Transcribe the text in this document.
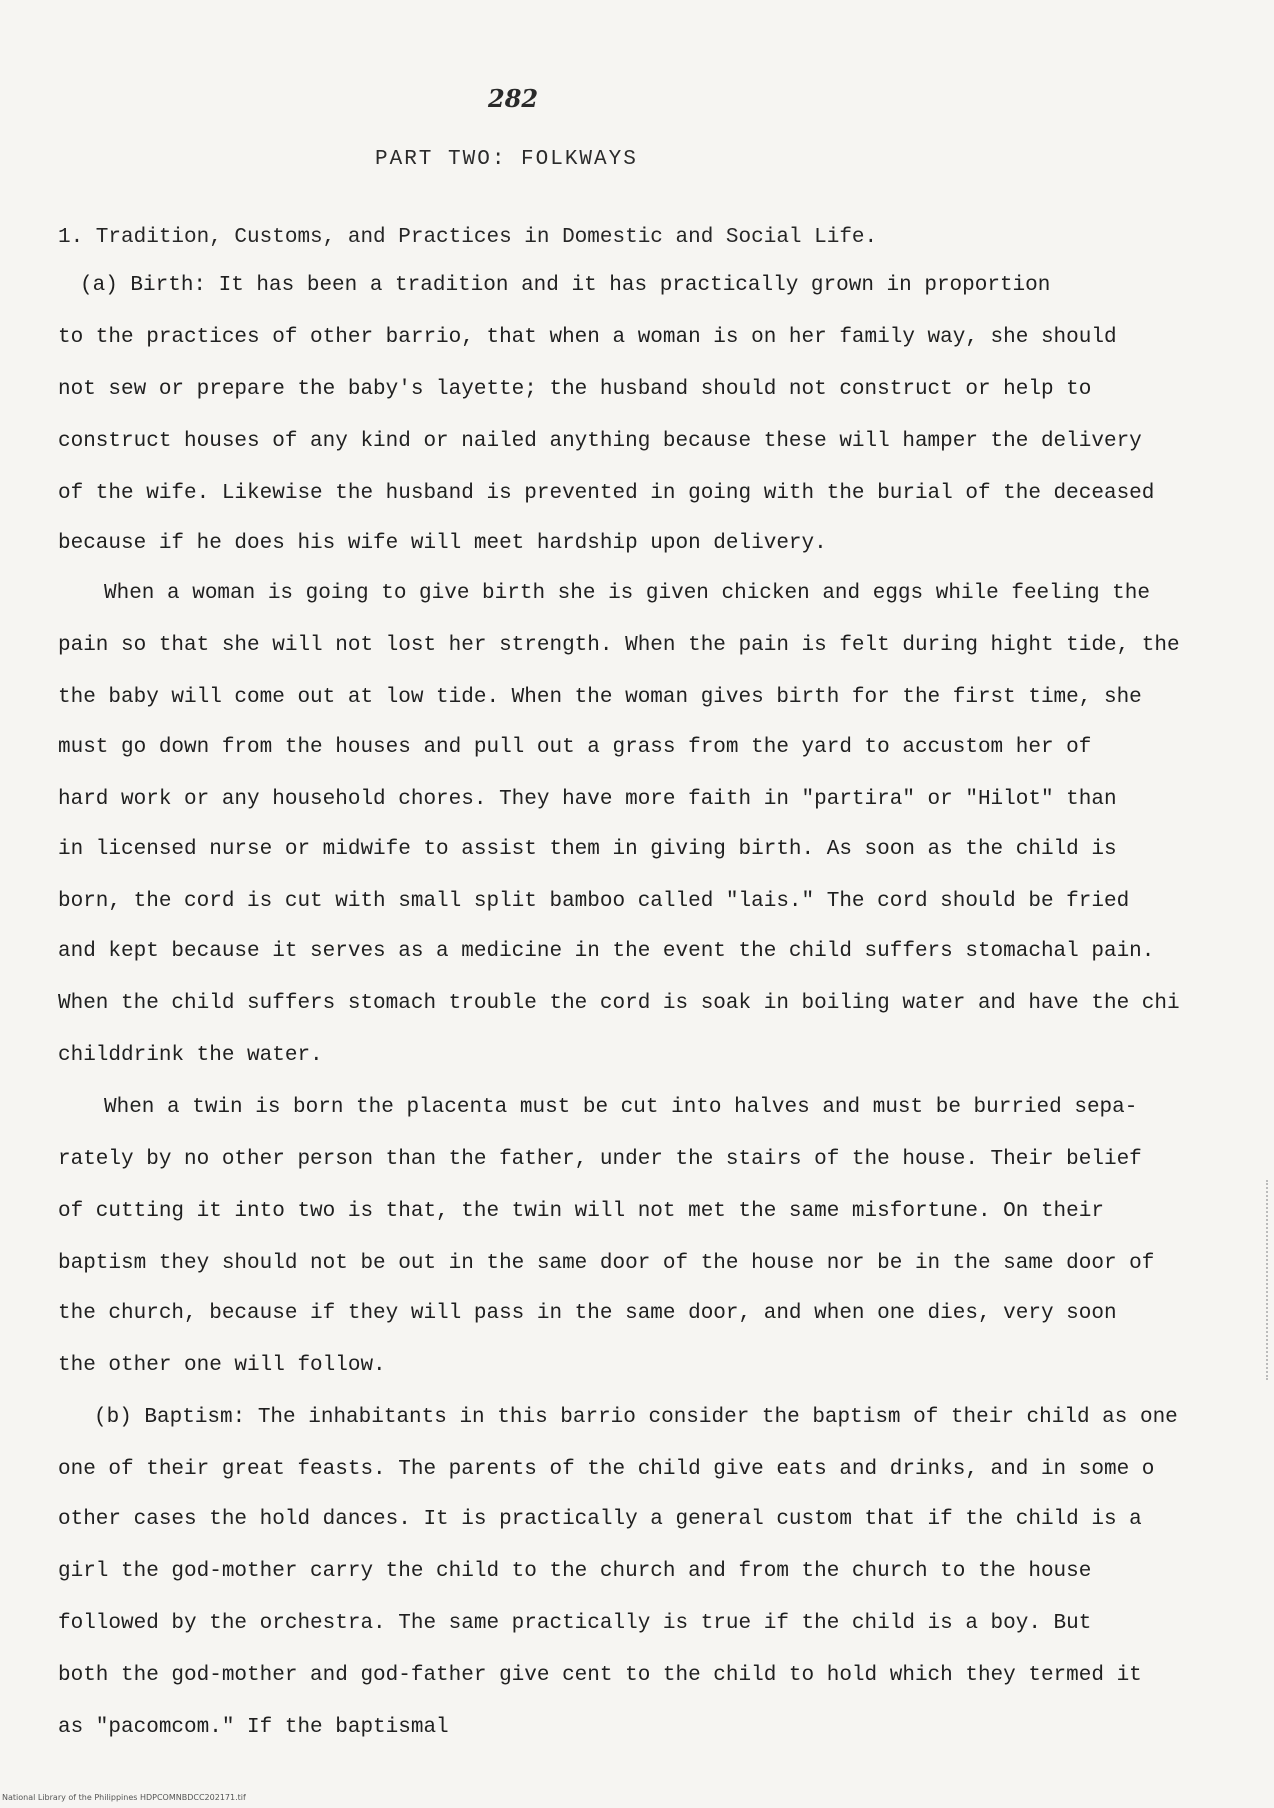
282
PART TWO: FOLKWAYS
1. Tradition, Customs, and Practices in Domestic and Social Life.
(a) Birth: It has been a tradition and it has practically grown in proportion
to the practices of other barrio, that when a woman is on her family way, she should
not sew or prepare the baby's layette; the husband should not construct or help to
construct houses of any kind or nailed anything because these will hamper the delivery
of the wife. Likewise the husband is prevented in going with the burial of the deceased
because if he does his wife will meet hardship upon delivery.
When a woman is going to give birth she is given chicken and eggs while feeling the
pain so that she will not lost her strength. When the pain is felt during hight tide, the
the baby will come out at low tide. When the woman gives birth for the first time, she
must go down from the houses and pull out a grass from the yard to accustom her of
hard work or any household chores. They have more faith in "partira" or "Hilot" than
in licensed nurse or midwife to assist them in giving birth. As soon as the child is
born, the cord is cut with small split bamboo called "lais." The cord should be fried
and kept because it serves as a medicine in the event the child suffers stomachal pain.
When the child suffers stomach trouble the cord is soak in boiling water and have the chi
childdrink the water.
When a twin is born the placenta must be cut into halves and must be burried sepa-
rately by no other person than the father, under the stairs of the house. Their belief
of cutting it into two is that, the twin will not met the same misfortune. On their
baptism they should not be out in the same door of the house nor be in the same door of
the church, because if they will pass in the same door, and when one dies, very soon
the other one will follow.
(b) Baptism: The inhabitants in this barrio consider the baptism of their child as one
one of their great feasts. The parents of the child give eats and drinks, and in some o
other cases the hold dances. It is practically a general custom that if the child is a
girl the god-mother carry the child to the church and from the church to the house
followed by the orchestra. The same practically is true if the child is a boy. But
both the god-mother and god-father give cent to the child to hold which they termed it
as "pacomcom." If the baptismal
National Library of the Philippines HDPCOMNBDCC202171.tif
